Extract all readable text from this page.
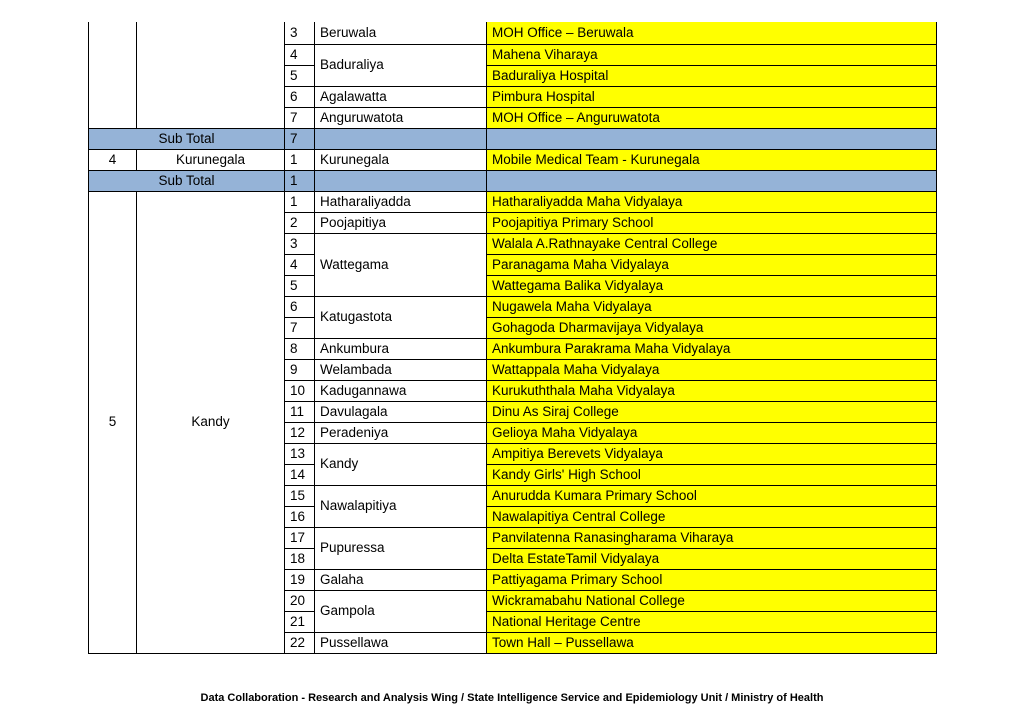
		3	Beruwala	MOH Office – Beruwala
		4	Baduraliya	Mahena Viharaya
		5		Baduraliya Hospital
		6	Agalawatta	Pimbura Hospital
		7	Anguruwatota	MOH Office – Anguruwatota
Sub Total		7		
4	Kurunegala	1	Kurunegala	Mobile Medical Team - Kurunegala
Sub Total		1		
5	Kandy	1	Hatharaliyadda	Hatharaliyadda Maha Vidyalaya
		2	Poojapitiya	Poojapitiya Primary School
		3	Wattegama	Walala A.Rathnayake Central College
		4		Paranagama Maha Vidyalaya
		5		Wattegama Balika Vidyalaya
		6	Katugastota	Nugawela Maha Vidyalaya
		7		Gohagoda Dharmavijaya Vidyalaya
		8	Ankumbura	Ankumbura Parakrama Maha Vidyalaya
		9	Welambada	Wattappala Maha Vidyalaya
		10	Kadugannawa	Kurukuththala Maha Vidyalaya
		11	Davulagala	Dinu As Siraj College
		12	Peradeniya	Gelioya Maha Vidyalaya
		13	Kandy	Ampitiya Berevets Vidyalaya
		14		Kandy Girls' High School
		15	Nawalapitiya	Anurudda Kumara Primary School
		16		Nawalapitiya Central College
		17	Pupuressa	Panvilatenna Ranasingharama Viharaya
		18		Delta EstateTamil Vidyalaya
		19	Galaha	Pattiyagama Primary School
		20	Gampola	Wickramabahu National College
		21		National Heritage Centre
		22	Pussellawa	Town Hall – Pussellawa
Data Collaboration - Research and Analysis Wing / State Intelligence Service and Epidemiology Unit / Ministry of Health
